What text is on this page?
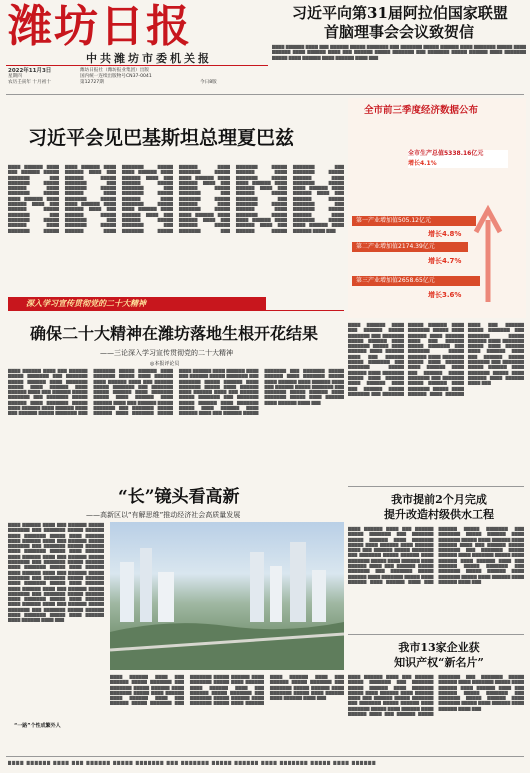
潍坊日报
中共潍坊市委机关报
2022年11月3日
星期四
农历壬寅年 十月初十
潍坊日报社（潍坊报业集团）出版
国内统一连续出版物号CN37-0041
第12727期	今日8版
习近平向第31届阿拉伯国家联盟
首脑理事会会议致贺信
▇▇▇▇ ▇▇▇▇▇▇ ▇▇▇▇ ▇▇▇ ▇▇▇▇▇▇ ▇▇▇▇▇ ▇▇▇▇▇▇▇ ▇▇▇ ▇▇▇▇▇▇▇ ▇▇▇▇▇ ▇▇▇▇▇▇ ▇▇▇▇ ▇▇▇▇▇▇▇ ▇▇▇▇▇ ▇▇▇▇ ▇▇▇▇▇▇ ▇▇▇▇ ▇▇▇▇▇▇ ▇▇▇▇ ▇▇▇ ▇▇▇▇▇▇ ▇▇▇▇▇ ▇▇▇▇▇▇▇ ▇▇▇ ▇▇▇▇▇▇▇ ▇▇▇▇▇ ▇▇▇▇▇▇ ▇▇▇▇ ▇▇▇▇▇▇▇ ▇▇▇▇▇ ▇▇▇▇ ▇▇▇▇▇▇ ▇▇▇▇ ▇▇▇▇▇▇ ▇▇▇▇ ▇▇▇
习近平会见巴基斯坦总理夏巴兹
▇▇▇▇ ▇▇▇▇▇▇ ▇▇▇▇ ▇▇▇ ▇▇▇▇▇▇ ▇▇▇▇▇ ▇▇▇▇▇▇▇ ▇▇▇ ▇▇▇▇▇▇▇ ▇▇▇▇▇ ▇▇▇▇▇▇ ▇▇▇▇ ▇▇▇▇▇▇▇ ▇▇▇▇▇ ▇▇▇▇ ▇▇▇▇▇▇ ▇▇▇▇ ▇▇▇▇▇▇ ▇▇▇▇ ▇▇▇ ▇▇▇▇▇▇ ▇▇▇▇▇ ▇▇▇▇▇▇▇ ▇▇▇ ▇▇▇▇▇▇▇ ▇▇▇▇▇ ▇▇▇▇▇▇ ▇▇▇▇ ▇▇▇▇▇▇▇ ▇▇▇▇▇ ▇▇▇▇ ▇▇▇▇▇▇ ▇▇▇▇ ▇▇▇▇▇▇ ▇▇▇▇ ▇▇▇ ▇▇▇▇▇▇ ▇▇▇▇▇ ▇▇▇▇▇▇▇ ▇▇▇ ▇▇▇▇▇▇▇ ▇▇▇▇▇ ▇▇▇▇▇▇ ▇▇▇▇ ▇▇▇▇▇▇▇ ▇▇▇▇▇ ▇▇▇▇ ▇▇▇▇▇▇ ▇▇▇▇ ▇▇▇▇▇▇ ▇▇▇▇ ▇▇▇ ▇▇▇▇▇▇ ▇▇▇▇▇ ▇▇▇▇▇▇▇ ▇▇▇ ▇▇▇▇▇▇▇ ▇▇▇▇▇ ▇▇▇▇▇▇ ▇▇▇▇ ▇▇▇▇▇▇▇ ▇▇▇▇▇ ▇▇▇▇ ▇▇▇▇▇▇ ▇▇▇▇ ▇▇▇▇▇▇ ▇▇▇▇ ▇▇▇ ▇▇▇▇▇▇ ▇▇▇▇▇ ▇▇▇▇▇▇▇ ▇▇▇ ▇▇▇▇▇▇▇ ▇▇▇▇▇ ▇▇▇▇▇▇ ▇▇▇▇ ▇▇▇▇▇▇▇ ▇▇▇▇▇ ▇▇▇▇ ▇▇▇▇▇▇ ▇▇▇▇ ▇▇▇▇▇▇ ▇▇▇▇ ▇▇▇ ▇▇▇▇▇▇ ▇▇▇▇▇ ▇▇▇▇▇▇▇ ▇▇▇ ▇▇▇▇▇▇▇ ▇▇▇▇▇ ▇▇▇▇▇▇ ▇▇▇▇ ▇▇▇▇▇▇▇ ▇▇▇▇▇ ▇▇▇▇ ▇▇▇▇▇▇ ▇▇▇▇ ▇▇▇▇▇▇ ▇▇▇▇ ▇▇▇ ▇▇▇▇▇▇ ▇▇▇▇▇ ▇▇▇▇▇▇▇ ▇▇▇ ▇▇▇▇▇▇▇ ▇▇▇▇▇ ▇▇▇▇▇▇ ▇▇▇▇ ▇▇▇▇▇▇▇ ▇▇▇▇▇ ▇▇▇▇ ▇▇▇▇▇▇ ▇▇▇▇ ▇▇▇▇▇▇ ▇▇▇▇ ▇▇▇ ▇▇▇▇▇▇ ▇▇▇▇▇ ▇▇▇▇▇▇▇ ▇▇▇ ▇▇▇▇▇▇▇ ▇▇▇▇▇ ▇▇▇▇▇▇ ▇▇▇▇ ▇▇▇▇▇▇▇ ▇▇▇▇▇ ▇▇▇▇ ▇▇▇▇▇▇ ▇▇▇▇ ▇▇▇▇▇▇ ▇▇▇▇ ▇▇▇ ▇▇▇▇▇▇ ▇▇▇▇▇ ▇▇▇▇▇▇▇ ▇▇▇ ▇▇▇▇▇▇▇ ▇▇▇▇▇ ▇▇▇▇▇▇ ▇▇▇▇ ▇▇▇▇▇▇▇ ▇▇▇▇▇ ▇▇▇▇ ▇▇▇▇▇▇ ▇▇▇▇ ▇▇▇▇▇▇ ▇▇▇▇ ▇▇▇ ▇▇▇▇▇▇ ▇▇▇▇▇ ▇▇▇▇▇▇▇ ▇▇▇ ▇▇▇▇▇▇▇ ▇▇▇▇▇ ▇▇▇▇▇▇ ▇▇▇▇ ▇▇▇▇▇▇▇ ▇▇▇▇▇ ▇▇▇▇ ▇▇▇▇▇▇ ▇▇▇▇ ▇▇▇▇▇▇ ▇▇▇▇ ▇▇▇ ▇▇▇▇▇▇ ▇▇▇▇▇ ▇▇▇▇▇▇▇ ▇▇▇ ▇▇▇▇▇▇▇ ▇▇▇▇▇ ▇▇▇▇▇▇ ▇▇▇▇ ▇▇▇▇▇▇▇ ▇▇▇▇▇ ▇▇▇▇ ▇▇▇▇▇▇ ▇▇▇▇ ▇▇▇▇▇▇ ▇▇▇▇ ▇▇▇
全市前三季度经济数据公布
全市生产总值5338.16亿元
增长4.1%
第一产业增加值505.12亿元
增长4.8%
第二产业增加值2174.39亿元
增长4.7%
第三产业增加值2658.65亿元
增长3.6%
▇▇▇▇ ▇▇▇▇▇▇ ▇▇▇▇ ▇▇▇ ▇▇▇▇▇▇ ▇▇▇▇▇ ▇▇▇▇▇▇▇ ▇▇▇ ▇▇▇▇▇▇▇ ▇▇▇▇▇ ▇▇▇▇▇▇ ▇▇▇▇ ▇▇▇▇▇▇▇ ▇▇▇▇▇ ▇▇▇▇ ▇▇▇▇▇▇ ▇▇▇▇ ▇▇▇▇▇▇ ▇▇▇▇ ▇▇▇ ▇▇▇▇▇▇ ▇▇▇▇▇ ▇▇▇▇▇▇▇ ▇▇▇ ▇▇▇▇▇▇▇ ▇▇▇▇▇ ▇▇▇▇▇▇ ▇▇▇▇ ▇▇▇▇▇▇▇ ▇▇▇▇▇ ▇▇▇▇ ▇▇▇▇▇▇ ▇▇▇▇ ▇▇▇▇▇▇ ▇▇▇▇ ▇▇▇ ▇▇▇▇▇▇ ▇▇▇▇▇ ▇▇▇▇▇▇▇ ▇▇▇ ▇▇▇▇▇▇▇ ▇▇▇▇▇ ▇▇▇▇▇▇ ▇▇▇▇ ▇▇▇▇▇▇▇ ▇▇▇▇▇ ▇▇▇▇ ▇▇▇▇▇▇ ▇▇▇▇ ▇▇▇▇▇▇ ▇▇▇▇ ▇▇▇ ▇▇▇▇▇▇ ▇▇▇▇▇ ▇▇▇▇▇▇▇ ▇▇▇ ▇▇▇▇▇▇▇ ▇▇▇▇▇ ▇▇▇▇▇▇ ▇▇▇▇ ▇▇▇▇▇▇▇ ▇▇▇▇▇ ▇▇▇▇ ▇▇▇▇▇▇ ▇▇▇▇ ▇▇▇▇▇▇ ▇▇▇▇ ▇▇▇ ▇▇▇▇▇▇ ▇▇▇▇▇ ▇▇▇▇▇▇▇ ▇▇▇ ▇▇▇▇▇▇▇ ▇▇▇▇▇ ▇▇▇▇▇▇ ▇▇▇▇ ▇▇▇▇▇▇▇ ▇▇▇▇▇ ▇▇▇▇ ▇▇▇▇▇▇ ▇▇▇▇ ▇▇▇▇▇▇ ▇▇▇▇ ▇▇▇ ▇▇▇▇▇▇ ▇▇▇▇▇ ▇▇▇▇▇▇▇ ▇▇▇ ▇▇▇▇▇▇▇ ▇▇▇▇▇ ▇▇▇▇▇▇ ▇▇▇▇ ▇▇▇▇▇▇▇ ▇▇▇▇▇ ▇▇▇▇ ▇▇▇▇▇▇ ▇▇▇▇ ▇▇▇▇▇▇ ▇▇▇▇ ▇▇▇ ▇▇▇▇▇▇ ▇▇▇▇▇ ▇▇▇▇▇▇▇ ▇▇▇ ▇▇▇▇▇▇▇ ▇▇▇▇▇ ▇▇▇▇▇▇ ▇▇▇▇ ▇▇▇▇▇▇▇ ▇▇▇▇▇ ▇▇▇▇ ▇▇▇▇▇▇ ▇▇▇▇ ▇▇▇▇▇▇ ▇▇▇▇ ▇▇▇
深入学习宣传贯彻党的二十大精神
确保二十大精神在潍坊落地生根开花结果
——三论深入学习宣传贯彻党的二十大精神
◎本报评论员
▇▇▇▇ ▇▇▇▇▇▇ ▇▇▇▇ ▇▇▇ ▇▇▇▇▇▇ ▇▇▇▇▇ ▇▇▇▇▇▇▇ ▇▇▇ ▇▇▇▇▇▇▇ ▇▇▇▇▇ ▇▇▇▇▇▇ ▇▇▇▇ ▇▇▇▇▇▇▇ ▇▇▇▇▇ ▇▇▇▇ ▇▇▇▇▇▇ ▇▇▇▇ ▇▇▇▇▇▇ ▇▇▇▇ ▇▇▇ ▇▇▇▇▇▇ ▇▇▇▇▇ ▇▇▇▇▇▇▇ ▇▇▇ ▇▇▇▇▇▇▇ ▇▇▇▇▇ ▇▇▇▇▇▇ ▇▇▇▇ ▇▇▇▇▇▇▇ ▇▇▇▇▇ ▇▇▇▇ ▇▇▇▇▇▇ ▇▇▇▇ ▇▇▇▇▇▇ ▇▇▇▇ ▇▇▇ ▇▇▇▇▇▇ ▇▇▇▇▇ ▇▇▇▇▇▇▇ ▇▇▇ ▇▇▇▇▇▇▇ ▇▇▇▇▇ ▇▇▇▇▇▇ ▇▇▇▇ ▇▇▇▇▇▇▇ ▇▇▇▇▇ ▇▇▇▇ ▇▇▇▇▇▇ ▇▇▇▇ ▇▇▇▇▇▇ ▇▇▇▇ ▇▇▇ ▇▇▇▇▇▇ ▇▇▇▇▇ ▇▇▇▇▇▇▇ ▇▇▇ ▇▇▇▇▇▇▇ ▇▇▇▇▇ ▇▇▇▇▇▇ ▇▇▇▇ ▇▇▇▇▇▇▇ ▇▇▇▇▇ ▇▇▇▇ ▇▇▇▇▇▇ ▇▇▇▇ ▇▇▇▇▇▇ ▇▇▇▇ ▇▇▇ ▇▇▇▇▇▇ ▇▇▇▇▇ ▇▇▇▇▇▇▇ ▇▇▇ ▇▇▇▇▇▇▇ ▇▇▇▇▇ ▇▇▇▇▇▇ ▇▇▇▇ ▇▇▇▇▇▇▇ ▇▇▇▇▇ ▇▇▇▇ ▇▇▇▇▇▇ ▇▇▇▇ ▇▇▇▇▇▇ ▇▇▇▇ ▇▇▇ ▇▇▇▇▇▇ ▇▇▇▇▇ ▇▇▇▇▇▇▇ ▇▇▇ ▇▇▇▇▇▇▇ ▇▇▇▇▇ ▇▇▇▇▇▇ ▇▇▇▇ ▇▇▇▇▇▇▇ ▇▇▇▇▇ ▇▇▇▇ ▇▇▇▇▇▇ ▇▇▇▇ ▇▇▇▇▇▇ ▇▇▇▇ ▇▇▇ ▇▇▇▇▇▇ ▇▇▇▇▇ ▇▇▇▇▇▇▇ ▇▇▇ ▇▇▇▇▇▇▇ ▇▇▇▇▇ ▇▇▇▇▇▇ ▇▇▇▇ ▇▇▇▇▇▇▇ ▇▇▇▇▇ ▇▇▇▇ ▇▇▇▇▇▇ ▇▇▇▇ ▇▇▇▇▇▇ ▇▇▇▇ ▇▇▇ ▇▇▇▇▇▇ ▇▇▇▇▇ ▇▇▇▇▇▇▇ ▇▇▇ ▇▇▇▇▇▇▇ ▇▇▇▇▇ ▇▇▇▇▇▇ ▇▇▇▇ ▇▇▇▇▇▇▇ ▇▇▇▇▇ ▇▇▇▇ ▇▇▇▇▇▇ ▇▇▇▇ ▇▇▇▇▇▇ ▇▇▇▇ ▇▇▇ ▇▇▇▇▇▇ ▇▇▇▇▇ ▇▇▇▇▇▇▇ ▇▇▇ ▇▇▇▇▇▇▇ ▇▇▇▇▇ ▇▇▇▇▇▇ ▇▇▇▇ ▇▇▇▇▇▇▇ ▇▇▇▇▇ ▇▇▇▇ ▇▇▇▇▇▇ ▇▇▇▇ ▇▇▇▇▇▇ ▇▇▇▇ ▇▇▇
“长”镜头看高新
——高新区以“有解思维”推动经济社会高质量发展
▇▇▇▇ ▇▇▇▇▇▇ ▇▇▇▇ ▇▇▇ ▇▇▇▇▇▇ ▇▇▇▇▇ ▇▇▇▇▇▇▇ ▇▇▇ ▇▇▇▇▇▇▇ ▇▇▇▇▇ ▇▇▇▇▇▇ ▇▇▇▇ ▇▇▇▇▇▇▇ ▇▇▇▇▇ ▇▇▇▇ ▇▇▇▇▇▇ ▇▇▇▇ ▇▇▇▇▇▇ ▇▇▇▇ ▇▇▇ ▇▇▇▇▇▇ ▇▇▇▇▇ ▇▇▇▇▇▇▇ ▇▇▇ ▇▇▇▇▇▇▇ ▇▇▇▇▇ ▇▇▇▇▇▇ ▇▇▇▇ ▇▇▇▇▇▇▇ ▇▇▇▇▇ ▇▇▇▇ ▇▇▇▇▇▇ ▇▇▇▇ ▇▇▇▇▇▇ ▇▇▇▇ ▇▇▇ ▇▇▇▇▇▇ ▇▇▇▇▇ ▇▇▇▇▇▇▇ ▇▇▇ ▇▇▇▇▇▇▇ ▇▇▇▇▇ ▇▇▇▇▇▇ ▇▇▇▇ ▇▇▇▇▇▇▇ ▇▇▇▇▇ ▇▇▇▇ ▇▇▇▇▇▇ ▇▇▇▇ ▇▇▇▇▇▇ ▇▇▇▇ ▇▇▇ ▇▇▇▇▇▇ ▇▇▇▇▇ ▇▇▇▇▇▇▇ ▇▇▇ ▇▇▇▇▇▇▇ ▇▇▇▇▇ ▇▇▇▇▇▇ ▇▇▇▇ ▇▇▇▇▇▇▇ ▇▇▇▇▇ ▇▇▇▇ ▇▇▇▇▇▇ ▇▇▇▇ ▇▇▇▇▇▇ ▇▇▇▇ ▇▇▇ ▇▇▇▇▇▇ ▇▇▇▇▇ ▇▇▇▇▇▇▇ ▇▇▇ ▇▇▇▇▇▇▇ ▇▇▇▇▇ ▇▇▇▇▇▇ ▇▇▇▇ ▇▇▇▇▇▇▇ ▇▇▇▇▇ ▇▇▇▇ ▇▇▇▇▇▇ ▇▇▇▇ ▇▇▇▇▇▇ ▇▇▇▇ ▇▇▇ ▇▇▇▇▇▇ ▇▇▇▇▇ ▇▇▇▇▇▇▇ ▇▇▇ ▇▇▇▇▇▇▇ ▇▇▇▇▇ ▇▇▇▇▇▇ ▇▇▇▇ ▇▇▇▇▇▇▇ ▇▇▇▇▇ ▇▇▇▇ ▇▇▇▇▇▇ ▇▇▇▇ ▇▇▇▇▇▇ ▇▇▇▇ ▇▇▇
“一路”个性成繁外人
▇▇▇▇ ▇▇▇▇▇▇ ▇▇▇▇ ▇▇▇ ▇▇▇▇▇▇ ▇▇▇▇▇ ▇▇▇▇▇▇▇ ▇▇▇ ▇▇▇▇▇▇▇ ▇▇▇▇▇ ▇▇▇▇▇▇ ▇▇▇▇ ▇▇▇▇▇▇▇ ▇▇▇▇▇ ▇▇▇▇ ▇▇▇▇▇▇ ▇▇▇▇ ▇▇▇▇▇▇ ▇▇▇▇ ▇▇▇ ▇▇▇▇▇▇ ▇▇▇▇▇ ▇▇▇▇▇▇▇ ▇▇▇ ▇▇▇▇▇▇▇ ▇▇▇▇▇ ▇▇▇▇▇▇ ▇▇▇▇ ▇▇▇▇▇▇▇ ▇▇▇▇▇ ▇▇▇▇ ▇▇▇▇▇▇ ▇▇▇▇ ▇▇▇▇▇▇ ▇▇▇▇ ▇▇▇ ▇▇▇▇▇▇ ▇▇▇▇▇ ▇▇▇▇▇▇▇ ▇▇▇ ▇▇▇▇▇▇▇ ▇▇▇▇▇ ▇▇▇▇▇▇ ▇▇▇▇ ▇▇▇▇▇▇▇ ▇▇▇▇▇ ▇▇▇▇ ▇▇▇▇▇▇ ▇▇▇▇ ▇▇▇▇▇▇ ▇▇▇▇ ▇▇▇ ▇▇▇▇▇▇ ▇▇▇▇▇ ▇▇▇▇▇▇▇ ▇▇▇ ▇▇▇▇▇▇▇ ▇▇▇▇▇ ▇▇▇▇▇▇ ▇▇▇▇ ▇▇▇▇▇▇▇ ▇▇▇▇▇ ▇▇▇▇ ▇▇▇▇▇▇ ▇▇▇▇ ▇▇▇▇▇▇ ▇▇▇▇ ▇▇▇
我市提前2个月完成
提升改造村级供水工程
▇▇▇▇ ▇▇▇▇▇▇ ▇▇▇▇ ▇▇▇ ▇▇▇▇▇▇ ▇▇▇▇▇ ▇▇▇▇▇▇▇ ▇▇▇ ▇▇▇▇▇▇▇ ▇▇▇▇▇ ▇▇▇▇▇▇ ▇▇▇▇ ▇▇▇▇▇▇▇ ▇▇▇▇▇ ▇▇▇▇ ▇▇▇▇▇▇ ▇▇▇▇ ▇▇▇▇▇▇ ▇▇▇▇ ▇▇▇ ▇▇▇▇▇▇ ▇▇▇▇▇ ▇▇▇▇▇▇▇ ▇▇▇ ▇▇▇▇▇▇▇ ▇▇▇▇▇ ▇▇▇▇▇▇ ▇▇▇▇ ▇▇▇▇▇▇▇ ▇▇▇▇▇ ▇▇▇▇ ▇▇▇▇▇▇ ▇▇▇▇ ▇▇▇▇▇▇ ▇▇▇▇ ▇▇▇ ▇▇▇▇▇▇ ▇▇▇▇▇ ▇▇▇▇▇▇▇ ▇▇▇ ▇▇▇▇▇▇▇ ▇▇▇▇▇ ▇▇▇▇▇▇ ▇▇▇▇ ▇▇▇▇▇▇▇ ▇▇▇▇▇ ▇▇▇▇ ▇▇▇▇▇▇ ▇▇▇▇ ▇▇▇▇▇▇ ▇▇▇▇ ▇▇▇ ▇▇▇▇▇▇ ▇▇▇▇▇ ▇▇▇▇▇▇▇ ▇▇▇ ▇▇▇▇▇▇▇ ▇▇▇▇▇ ▇▇▇▇▇▇ ▇▇▇▇ ▇▇▇▇▇▇▇ ▇▇▇▇▇ ▇▇▇▇ ▇▇▇▇▇▇ ▇▇▇▇ ▇▇▇▇▇▇ ▇▇▇▇ ▇▇▇ ▇▇▇▇▇▇ ▇▇▇▇▇ ▇▇▇▇▇▇▇ ▇▇▇ ▇▇▇▇▇▇▇ ▇▇▇▇▇ ▇▇▇▇▇▇ ▇▇▇▇ ▇▇▇▇▇▇▇ ▇▇▇▇▇ ▇▇▇▇ ▇▇▇▇▇▇ ▇▇▇▇ ▇▇▇▇▇▇ ▇▇▇▇ ▇▇▇ ▇▇▇▇▇▇ ▇▇▇▇▇ ▇▇▇▇▇▇▇ ▇▇▇ ▇▇▇▇▇▇▇ ▇▇▇▇▇ ▇▇▇▇▇▇ ▇▇▇▇ ▇▇▇▇▇▇▇ ▇▇▇▇▇ ▇▇▇▇ ▇▇▇▇▇▇ ▇▇▇▇ ▇▇▇▇▇▇ ▇▇▇▇ ▇▇▇
我市13家企业获
知识产权“新名片”
▇▇▇▇ ▇▇▇▇▇▇ ▇▇▇▇ ▇▇▇ ▇▇▇▇▇▇ ▇▇▇▇▇ ▇▇▇▇▇▇▇ ▇▇▇ ▇▇▇▇▇▇▇ ▇▇▇▇▇ ▇▇▇▇▇▇ ▇▇▇▇ ▇▇▇▇▇▇▇ ▇▇▇▇▇ ▇▇▇▇ ▇▇▇▇▇▇ ▇▇▇▇ ▇▇▇▇▇▇ ▇▇▇▇ ▇▇▇ ▇▇▇▇▇▇ ▇▇▇▇▇ ▇▇▇▇▇▇▇ ▇▇▇ ▇▇▇▇▇▇▇ ▇▇▇▇▇ ▇▇▇▇▇▇ ▇▇▇▇ ▇▇▇▇▇▇▇ ▇▇▇▇▇ ▇▇▇▇ ▇▇▇▇▇▇ ▇▇▇▇ ▇▇▇▇▇▇ ▇▇▇▇ ▇▇▇ ▇▇▇▇▇▇ ▇▇▇▇▇ ▇▇▇▇▇▇▇ ▇▇▇ ▇▇▇▇▇▇▇ ▇▇▇▇▇ ▇▇▇▇▇▇ ▇▇▇▇ ▇▇▇▇▇▇▇ ▇▇▇▇▇ ▇▇▇▇ ▇▇▇▇▇▇ ▇▇▇▇ ▇▇▇▇▇▇ ▇▇▇▇ ▇▇▇ ▇▇▇▇▇▇ ▇▇▇▇▇ ▇▇▇▇▇▇▇ ▇▇▇ ▇▇▇▇▇▇▇ ▇▇▇▇▇ ▇▇▇▇▇▇ ▇▇▇▇ ▇▇▇▇▇▇▇ ▇▇▇▇▇ ▇▇▇▇ ▇▇▇▇▇▇ ▇▇▇▇ ▇▇▇▇▇▇ ▇▇▇▇ ▇▇▇
▇▇▇▇ ▇▇▇▇▇▇ ▇▇▇▇ ▇▇▇ ▇▇▇▇▇▇ ▇▇▇▇▇ ▇▇▇▇▇▇▇ ▇▇▇ ▇▇▇▇▇▇▇ ▇▇▇▇▇ ▇▇▇▇▇▇ ▇▇▇▇ ▇▇▇▇▇▇▇ ▇▇▇▇▇ ▇▇▇▇ ▇▇▇▇▇▇
